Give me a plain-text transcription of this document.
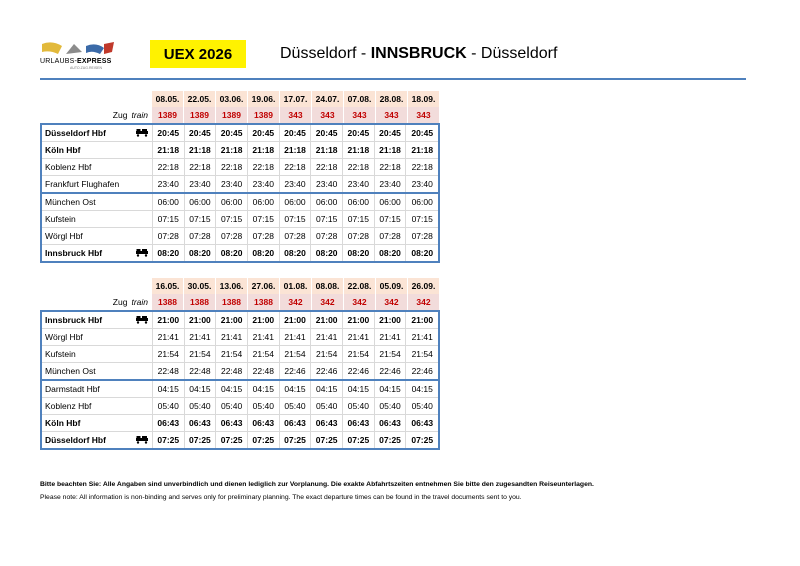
URLAUBS-EXPRESS
AUTO.ZUG.REISEN
UEX 2026	Düsseldorf - INNSBRUCK - Düsseldorf
08.05. 22.05. 03.06. 19.06. 17.07. 24.07. 07.08. 28.08. 18.09.
Zug train	1389	1389	1389	1389	343	343	343	343	343
Düsseldorf Hbf	20:45	20:45	20:45	20:45	20:45	20:45	20:45	20:45	20:45
Köln Hbf	21:18	21:18	21:18	21:18	21:18	21:18	21:18	21:18	21:18
Koblenz Hbf	22:18	22:18	22:18	22:18	22:18	22:18	22:18	22:18	22:18
Frankfurt Flughafen	23:40	23:40	23:40	23:40	23:40	23:40	23:40	23:40	23:40
München Ost	06:00	06:00	06:00	06:00	06:00	06:00	06:00	06:00	06:00
Kufstein	07:15	07:15	07:15	07:15	07:15	07:15	07:15	07:15	07:15
Wörgl Hbf	07:28	07:28	07:28	07:28	07:28	07:28	07:28	07:28	07:28
Innsbruck Hbf	08:20	08:20	08:20	08:20	08:20	08:20	08:20	08:20	08:20
16.05. 30.05. 13.06. 27.06. 01.08. 08.08. 22.08. 05.09. 26.09.
Zug train	1388	1388	1388	1388	342	342	342	342	342
Innsbruck Hbf	21:00	21:00	21:00	21:00	21:00	21:00	21:00	21:00	21:00
Wörgl Hbf	21:41	21:41	21:41	21:41	21:41	21:41	21:41	21:41	21:41
Kufstein	21:54	21:54	21:54	21:54	21:54	21:54	21:54	21:54	21:54
München Ost	22:48	22:48	22:48	22:48	22:46	22:46	22:46	22:46	22:46
Darmstadt Hbf	04:15	04:15	04:15	04:15	04:15	04:15	04:15	04:15	04:15
Koblenz Hbf	05:40	05:40	05:40	05:40	05:40	05:40	05:40	05:40	05:40
Köln Hbf	06:43	06:43	06:43	06:43	06:43	06:43	06:43	06:43	06:43
Düsseldorf Hbf	07:25	07:25	07:25	07:25	07:25	07:25	07:25	07:25	07:25
Bitte beachten Sie: Alle Angaben sind unverbindlich und dienen lediglich zur Vorplanung. Die exakte Abfahrtszeiten entnehmen Sie bitte den zugesandten Reiseunterlagen.
Please note: All information is non-binding and serves only for preliminary planning. The exact departure times can be found in the travel documents sent to you.
